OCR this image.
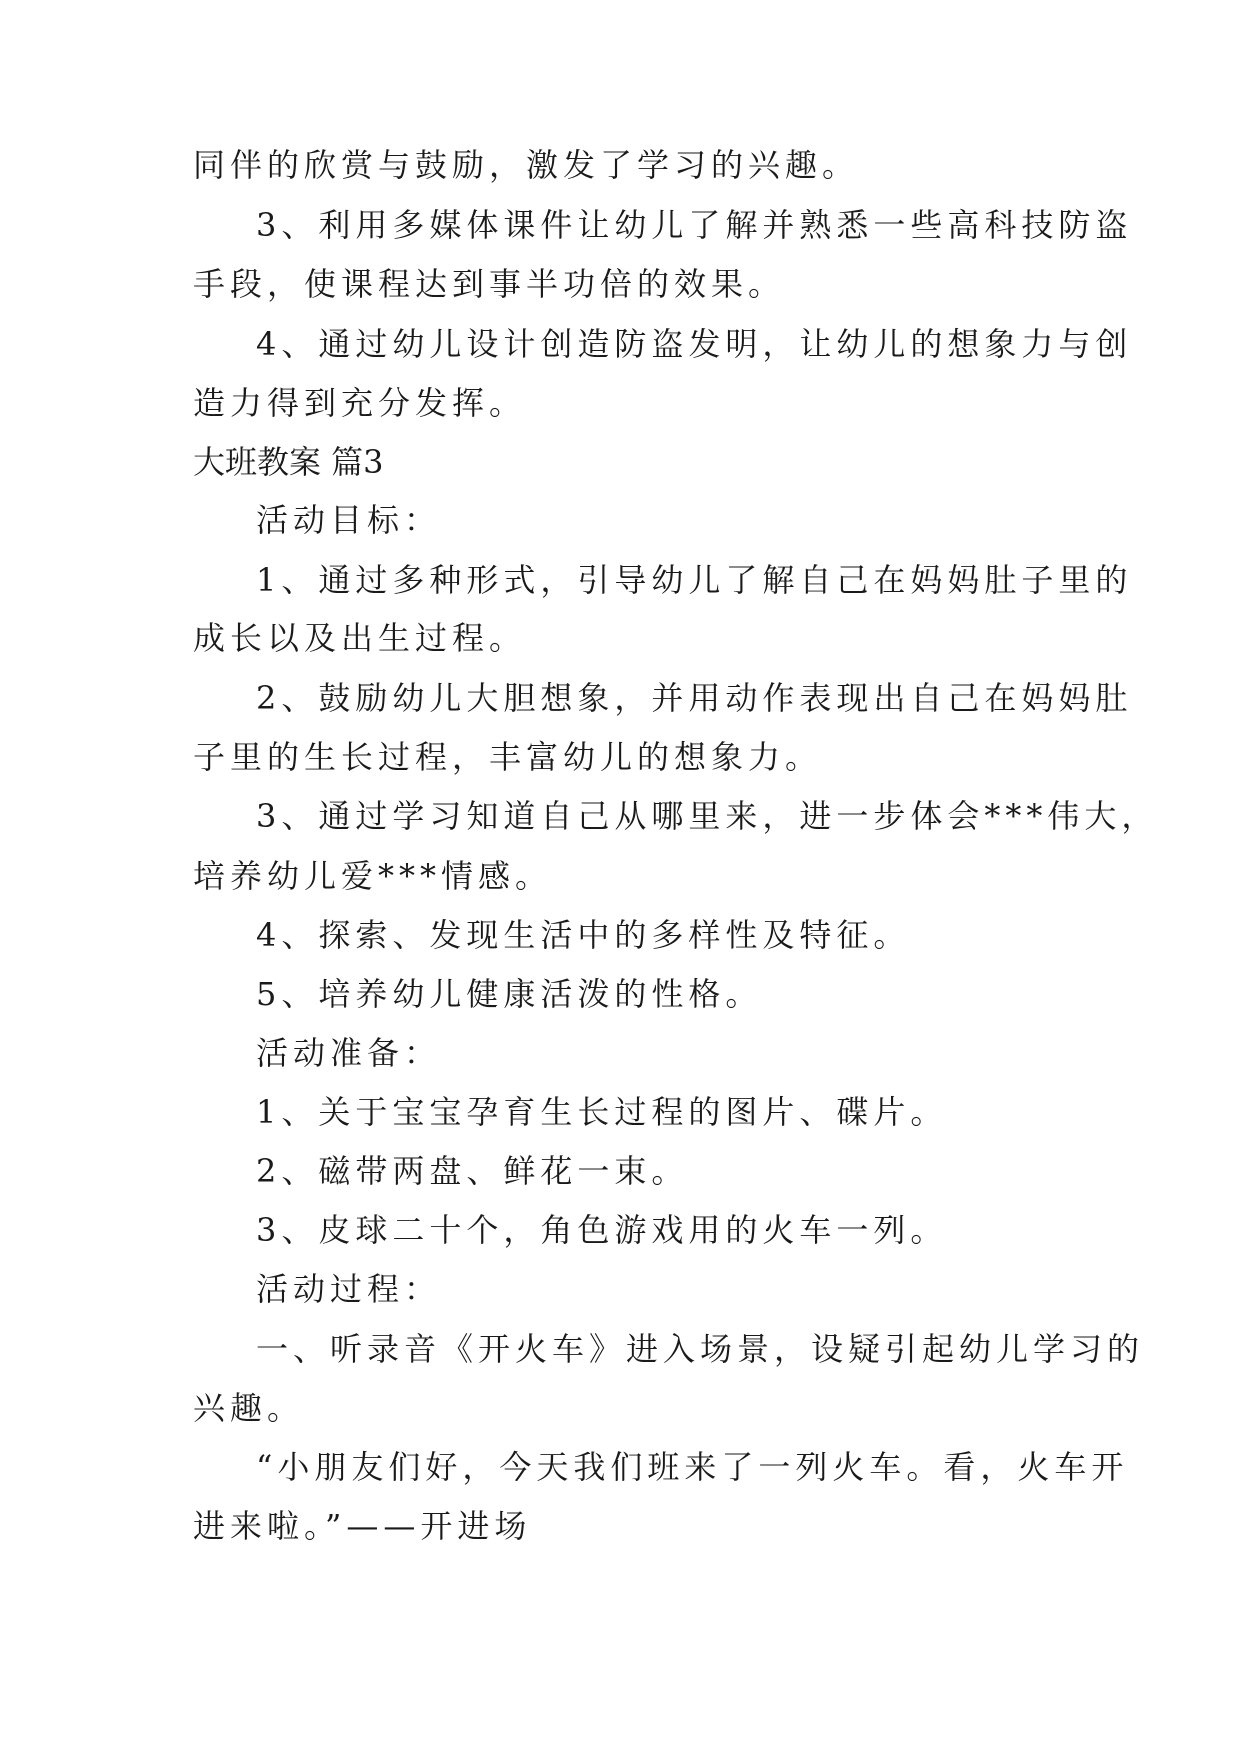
同伴的欣赏与鼓励，激发了学习的兴趣。
3、利用多媒体课件让幼儿了解并熟悉一些高科技防盗
手段，使课程达到事半功倍的效果。
4、通过幼儿设计创造防盗发明，让幼儿的想象力与创
造力得到充分发挥。
大班教案 篇3
活动目标：
1、通过多种形式，引导幼儿了解自己在妈妈肚子里的
成长以及出生过程。
2、鼓励幼儿大胆想象，并用动作表现出自己在妈妈肚
子里的生长过程，丰富幼儿的想象力。
3、通过学习知道自己从哪里来，进一步体会***伟大，
培养幼儿爱***情感。
4、探索、发现生活中的多样性及特征。
5、培养幼儿健康活泼的性格。
活动准备：
1、关于宝宝孕育生长过程的图片、碟片。
2、磁带两盘、鲜花一束。
3、皮球二十个，角色游戏用的火车一列。
活动过程：
一、听录音《开火车》进入场景，设疑引起幼儿学习的
兴趣。
“小朋友们好，今天我们班来了一列火车。看，火车开
进来啦。”——开进场
